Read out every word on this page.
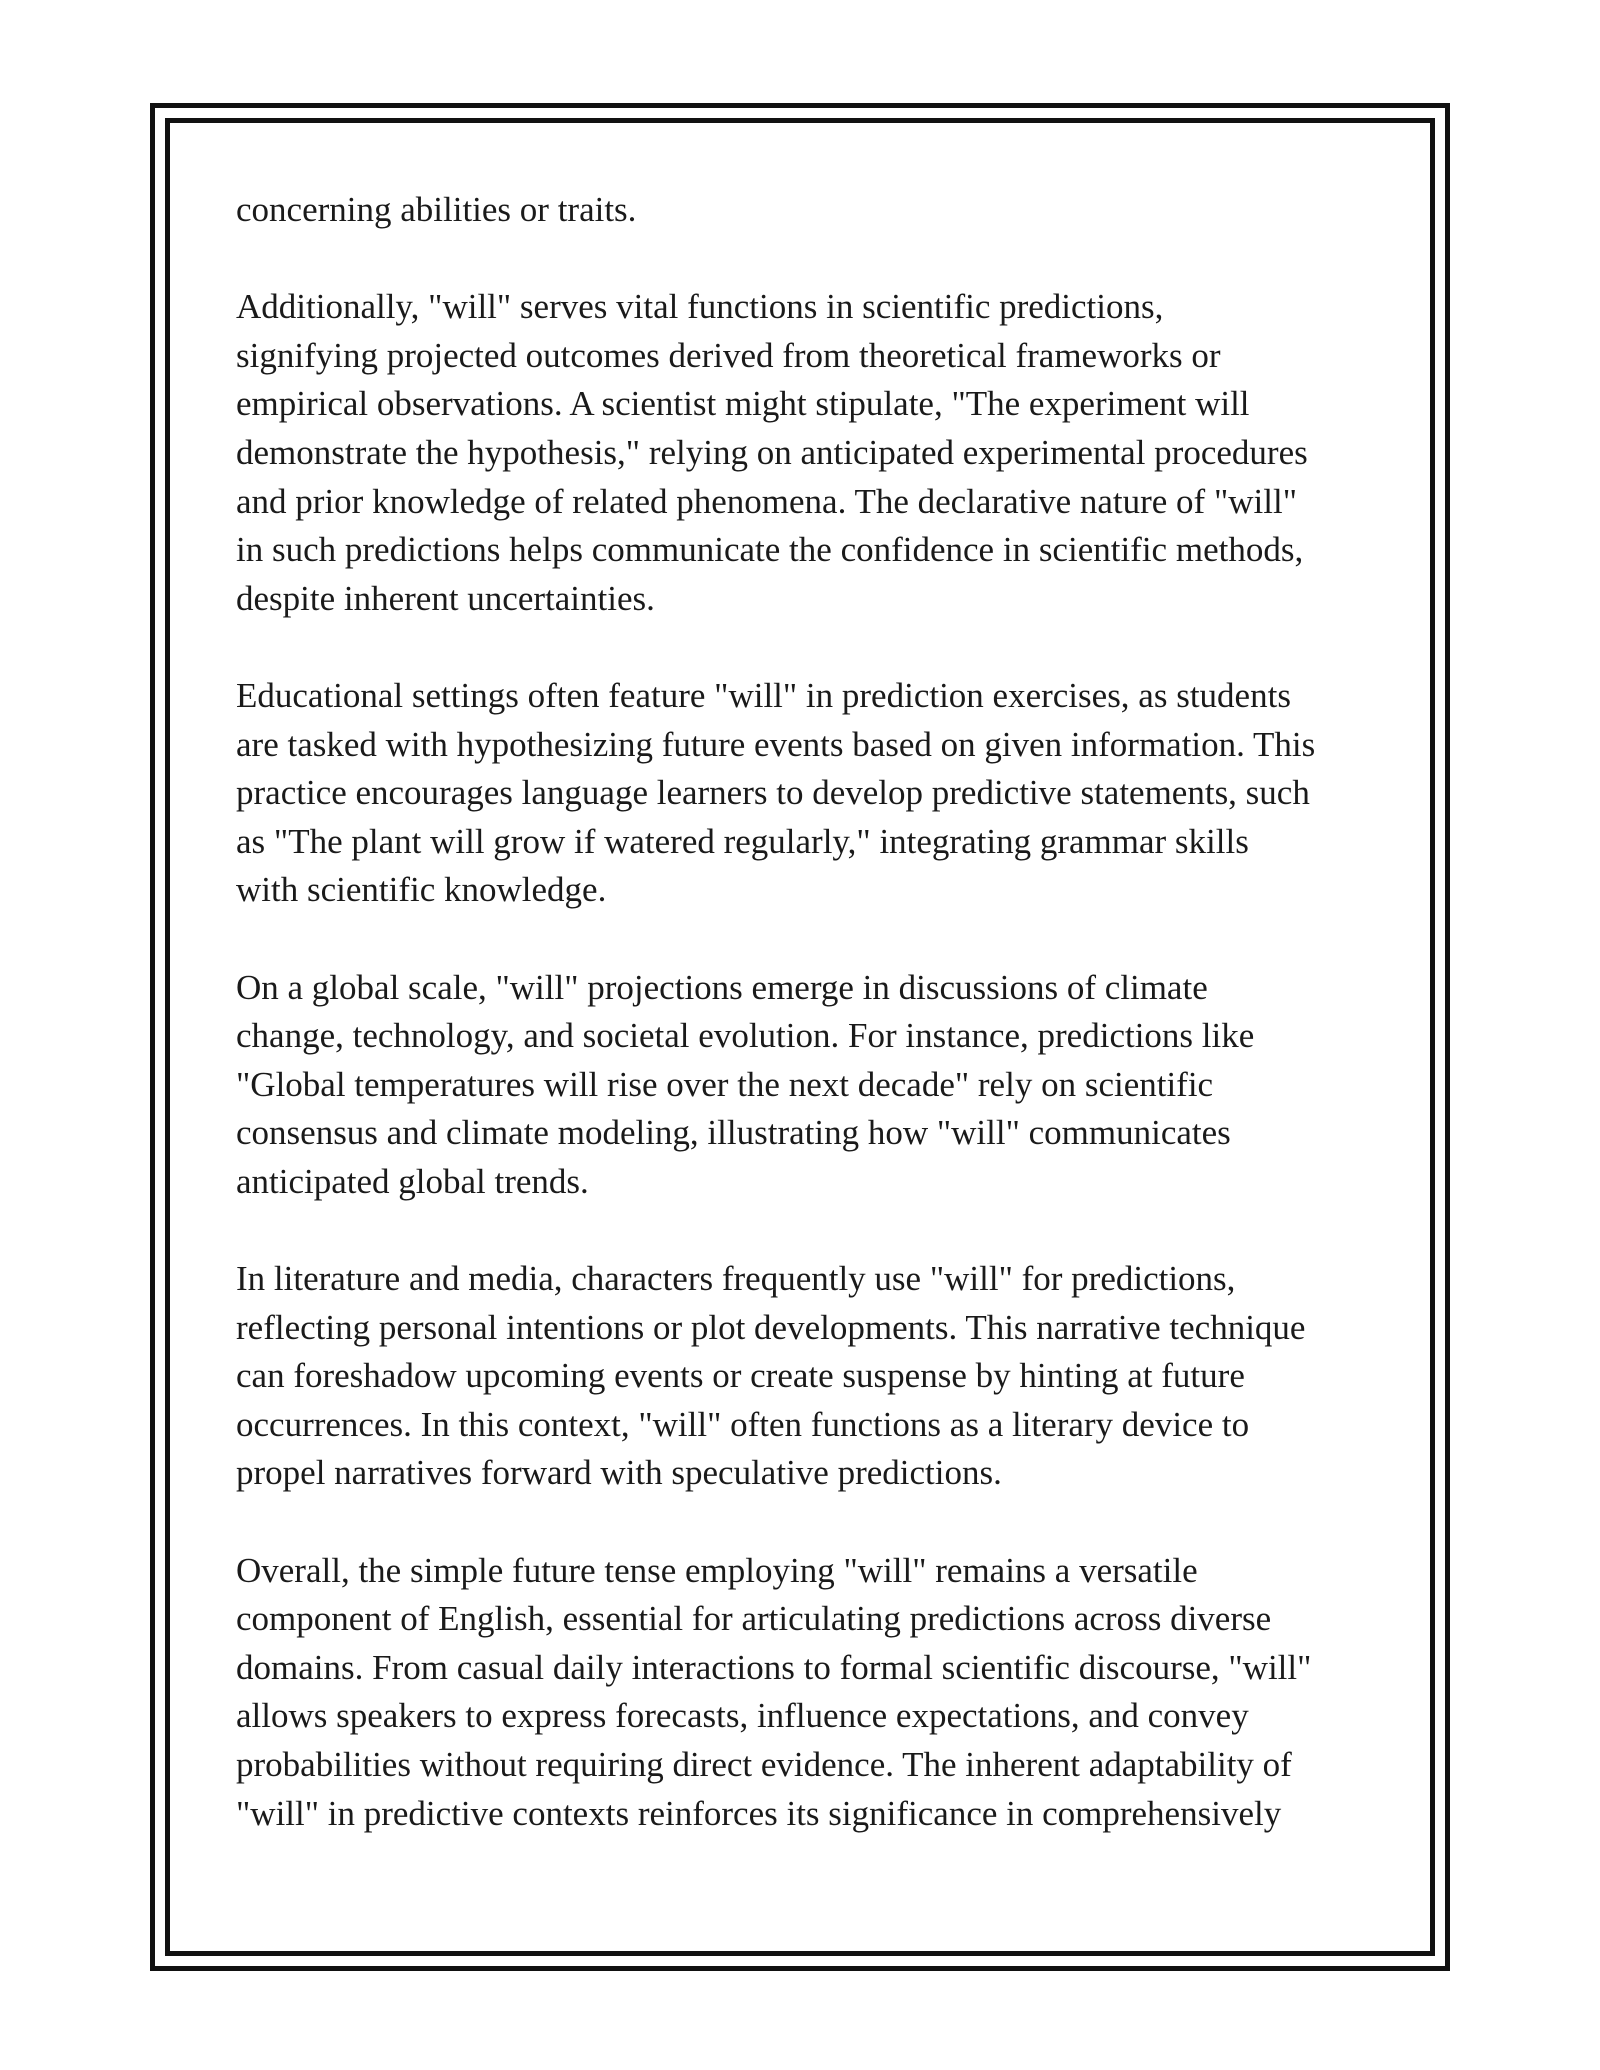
concerning abilities or traits.

Additionally, "will" serves vital functions in scientific predictions,
signifying projected outcomes derived from theoretical frameworks or
empirical observations. A scientist might stipulate, "The experiment will
demonstrate the hypothesis," relying on anticipated experimental procedures
and prior knowledge of related phenomena. The declarative nature of "will"
in such predictions helps communicate the confidence in scientific methods,
despite inherent uncertainties.

Educational settings often feature "will" in prediction exercises, as students
are tasked with hypothesizing future events based on given information. This
practice encourages language learners to develop predictive statements, such
as "The plant will grow if watered regularly," integrating grammar skills
with scientific knowledge.

On a global scale, "will" projections emerge in discussions of climate
change, technology, and societal evolution. For instance, predictions like
"Global temperatures will rise over the next decade" rely on scientific
consensus and climate modeling, illustrating how "will" communicates
anticipated global trends.

In literature and media, characters frequently use "will" for predictions,
reflecting personal intentions or plot developments. This narrative technique
can foreshadow upcoming events or create suspense by hinting at future
occurrences. In this context, "will" often functions as a literary device to
propel narratives forward with speculative predictions.

Overall, the simple future tense employing "will" remains a versatile
component of English, essential for articulating predictions across diverse
domains. From casual daily interactions to formal scientific discourse, "will"
allows speakers to express forecasts, influence expectations, and convey
probabilities without requiring direct evidence. The inherent adaptability of
"will" in predictive contexts reinforces its significance in comprehensively
